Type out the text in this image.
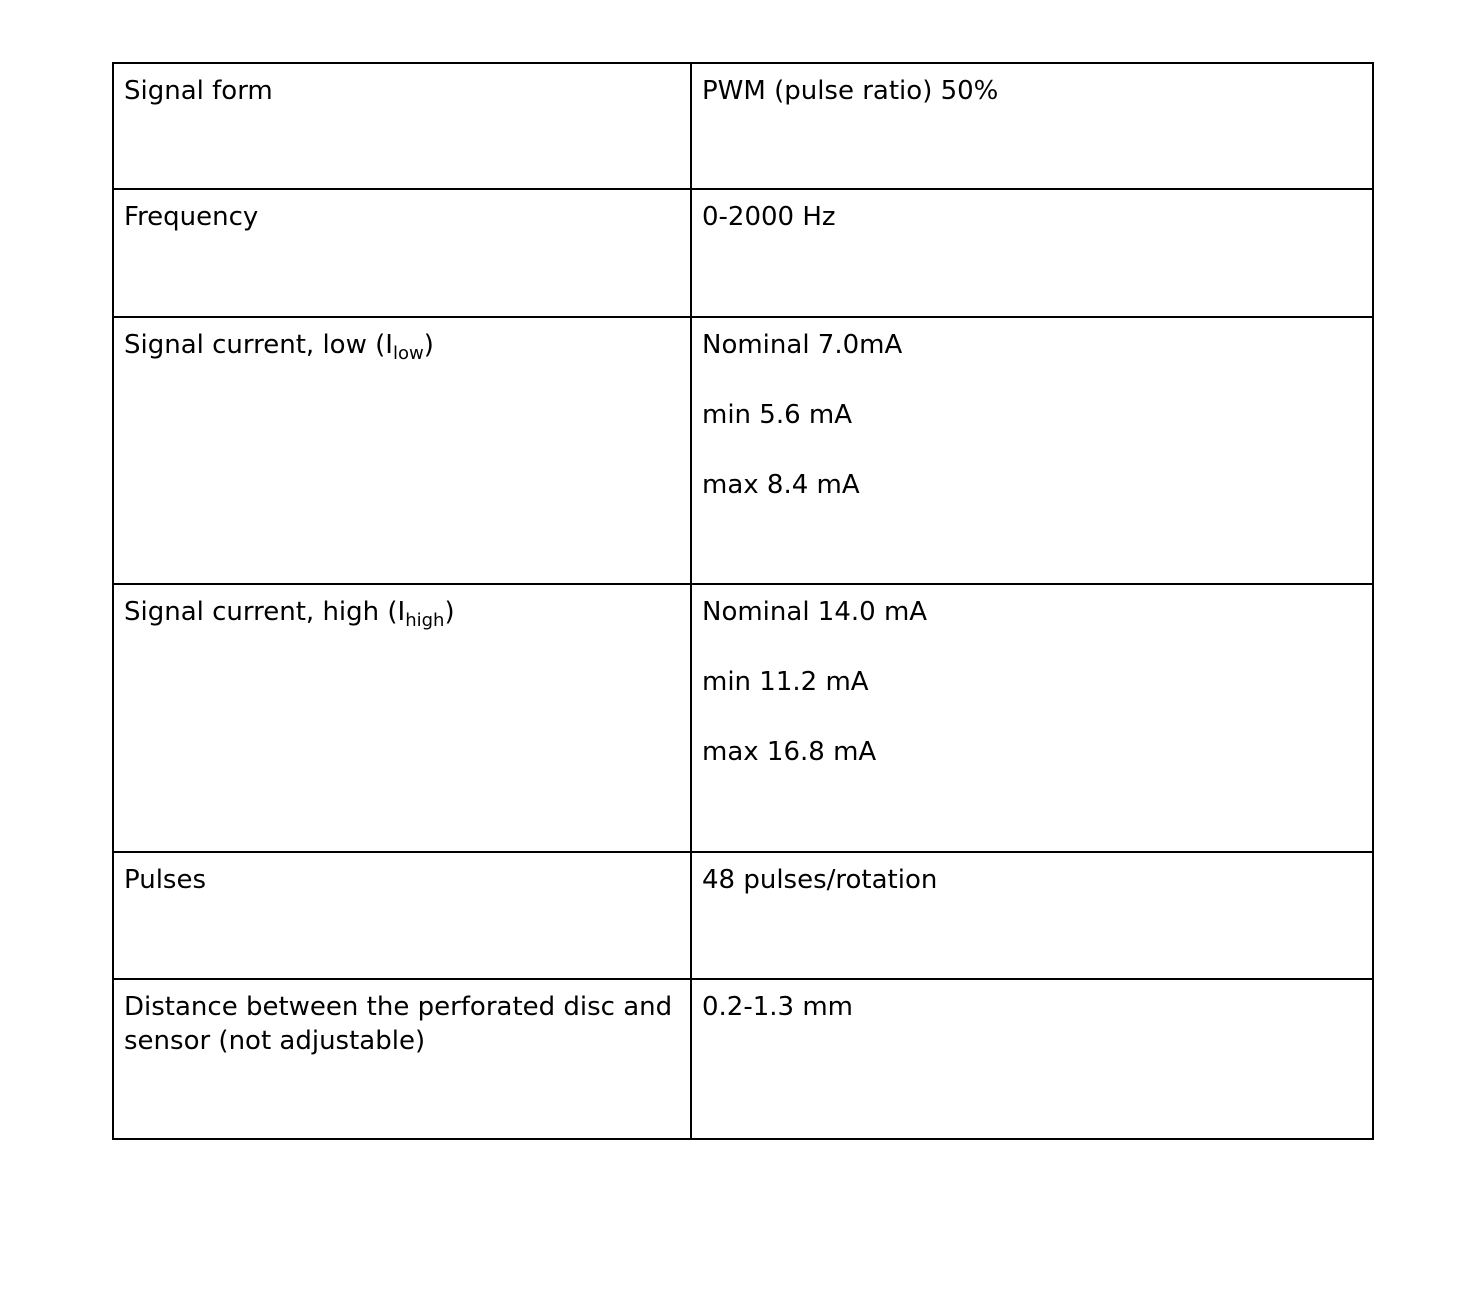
Signal form	PWM (pulse ratio) 50%

Frequency	0-2000 Hz

Signal current, low $(I_{low})$	Nominal 7.0mA
min 5.6 mA
max 8.4 mA

Signal current, high $(I_{high})$	Nominal 14.0 mA
min 11.2 mA
max 16.8 mA

Pulses	48 pulses/rotation

Distance between the perforated disc and sensor (not adjustable)	0.2-1.3 mm
